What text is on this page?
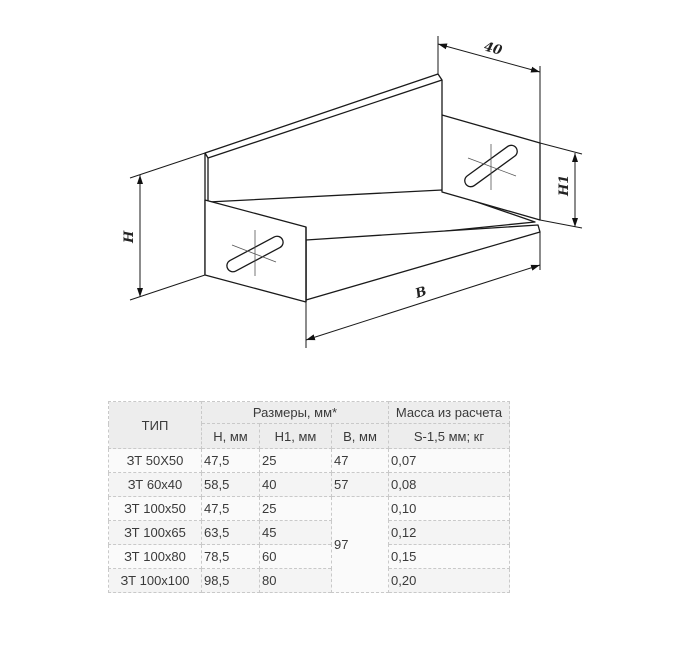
40
H1
H
B
ТИП	Размеры, мм*			Масса из расчета
	H, мм	H1, мм	B, мм	S-1,5 мм; кг
ЗТ 50Х50	47,5	25	47	0,07
ЗТ 60х40	58,5	40	57	0,08
ЗТ 100х50	47,5	25	97	0,10
ЗТ 100х65	63,5	45		0,12
ЗТ 100х80	78,5	60		0,15
ЗТ 100х100	98,5	80		0,20
